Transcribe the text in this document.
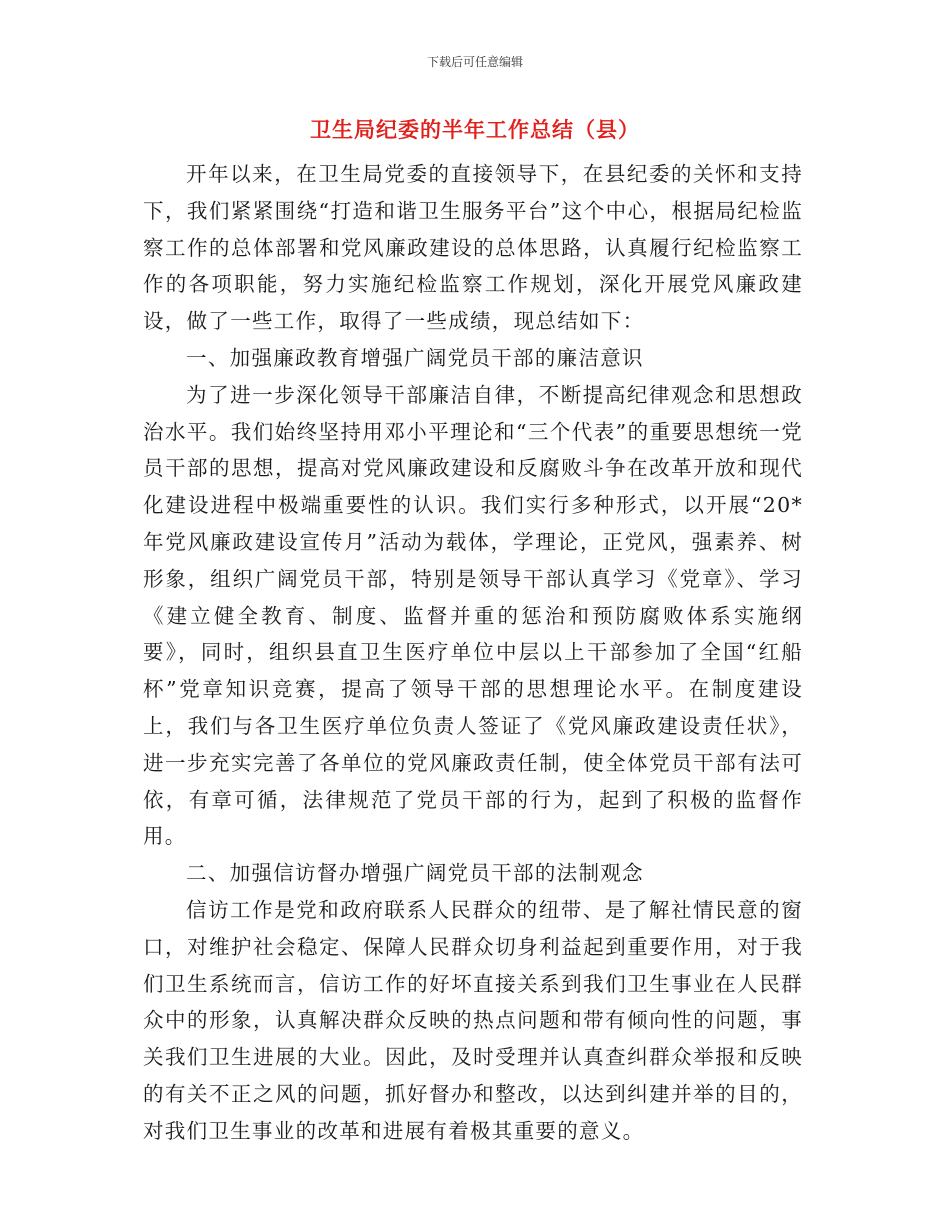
下载后可任意编辑
卫生局纪委的半年工作总结（县）

开年以来，在卫生局党委的直接领导下，在县纪委的关怀和支持下，我们紧紧围绕“打造和谐卫生服务平台”这个中心，根据局纪检监察工作的总体部署和党风廉政建设的总体思路，认真履行纪检监察工作的各项职能，努力实施纪检监察工作规划，深化开展党风廉政建设，做了一些工作，取得了一些成绩，现总结如下：

一、加强廉政教育增强广阔党员干部的廉洁意识

为了进一步深化领导干部廉洁自律，不断提高纪律观念和思想政治水平。我们始终坚持用邓小平理论和“三个代表”的重要思想统一党员干部的思想，提高对党风廉政建设和反腐败斗争在改革开放和现代化建设进程中极端重要性的认识。我们实行多种形式，以开展“20*年党风廉政建设宣传月”活动为载体，学理论，正党风，强素养、树形象，组织广阔党员干部，特别是领导干部认真学习《党章》、学习《建立健全教育、制度、监督并重的惩治和预防腐败体系实施纲要》，同时，组织县直卫生医疗单位中层以上干部参加了全国“红船杯”党章知识竞赛，提高了领导干部的思想理论水平。在制度建设上，我们与各卫生医疗单位负责人签证了《党风廉政建设责任状》，进一步充实完善了各单位的党风廉政责任制，使全体党员干部有法可依，有章可循，法律规范了党员干部的行为，起到了积极的监督作用。

二、加强信访督办增强广阔党员干部的法制观念

信访工作是党和政府联系人民群众的纽带、是了解社情民意的窗口，对维护社会稳定、保障人民群众切身利益起到重要作用，对于我们卫生系统而言，信访工作的好坏直接关系到我们卫生事业在人民群众中的形象，认真解决群众反映的热点问题和带有倾向性的问题，事关我们卫生进展的大业。因此，及时受理并认真查纠群众举报和反映的有关不正之风的问题，抓好督办和整改，以达到纠建并举的目的，对我们卫生事业的改革和进展有着极其重要的意义。
